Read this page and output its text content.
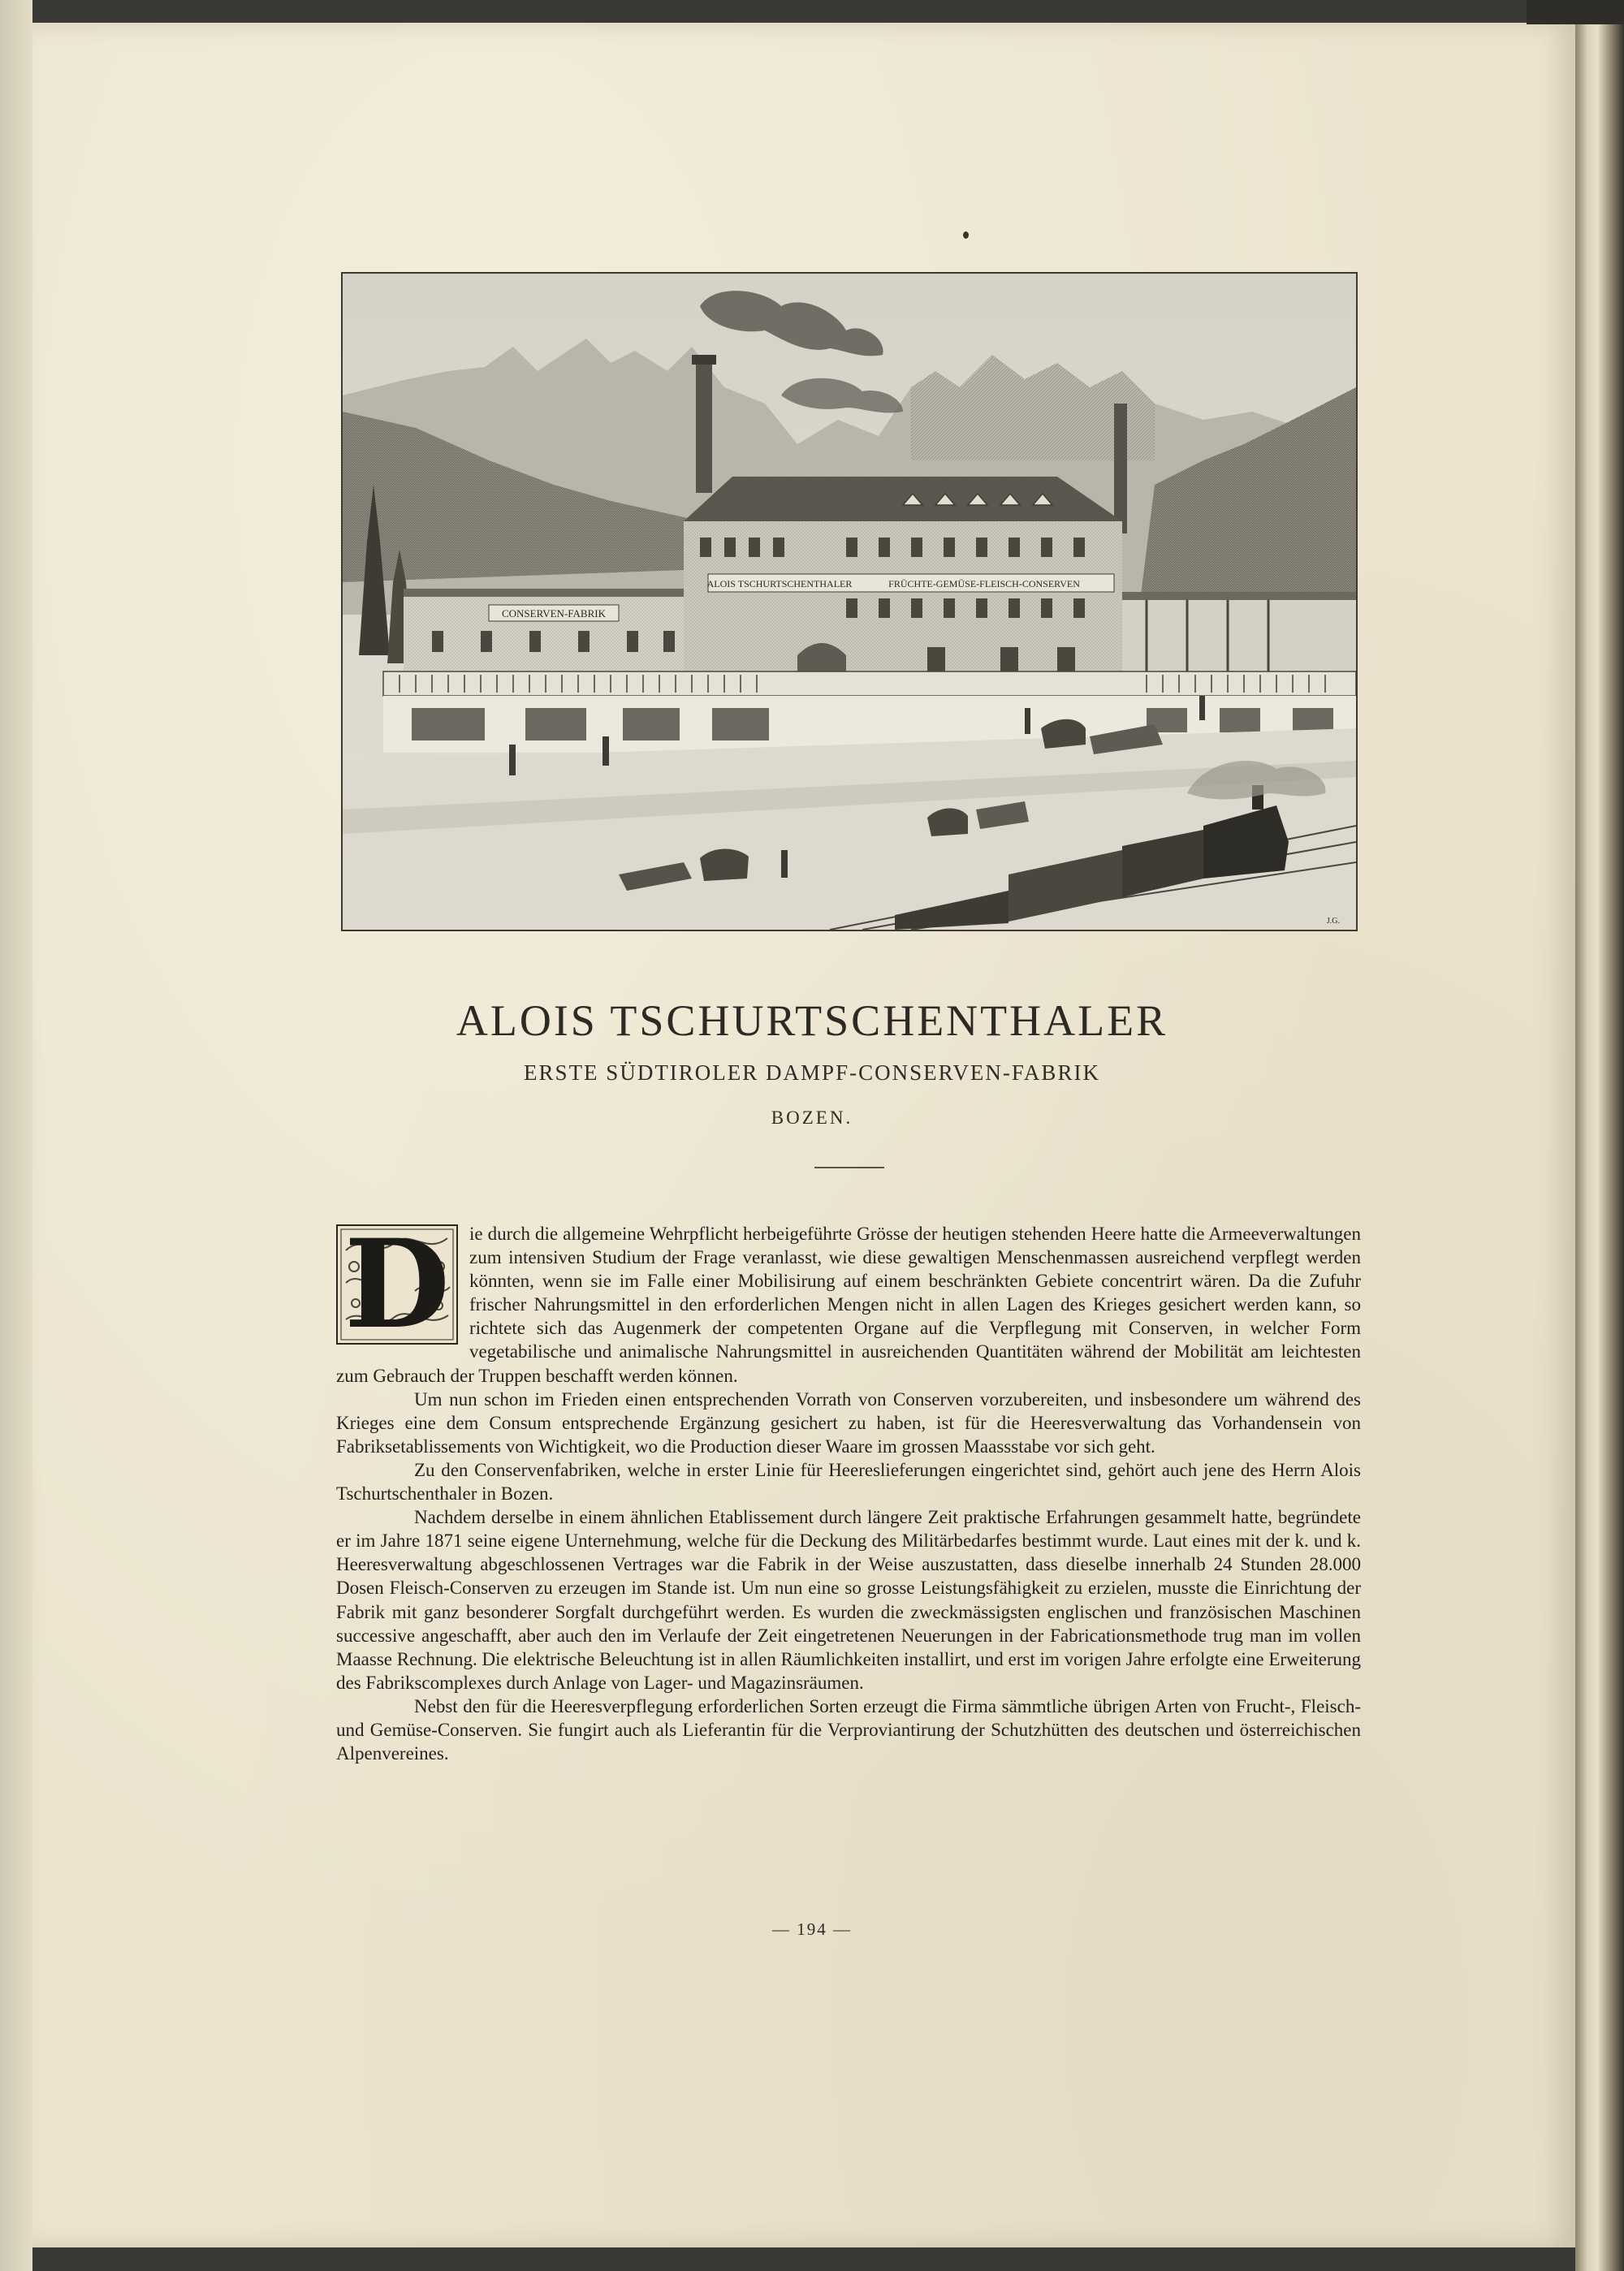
CONSERVEN-FABRIK
ALOIS TSCHURTSCHENTHALER	FRÜCHTE-GEMÜSE-FLEISCH-CONSERVEN
J.G.
ALOIS TSCHURTSCHENTHALER
ERSTE SÜDTIROLER DAMPF-CONSERVEN-FABRIK
BOZEN.
D	ie durch die allgemeine Wehrpflicht herbeigeführte Grösse der heutigen stehenden Heere hatte die Armeeverwaltungen zum intensiven Studium der Frage veranlasst, wie diese gewaltigen Menschenmassen ausreichend verpflegt werden könnten, wenn sie im Falle einer Mobilisirung auf einem beschränkten Gebiete concentrirt wären. Da die Zufuhr frischer Nahrungsmittel in den erforderlichen Mengen nicht in allen Lagen des Krieges gesichert werden kann, so richtete sich das Augenmerk der competenten Organe auf die Verpflegung mit Conserven, in welcher Form vegetabilische und animalische Nahrungsmittel in ausreichenden Quantitäten während der Mobilität am leichtesten zum Gebrauch der Truppen beschafft werden können.

Um nun schon im Frieden einen entsprechenden Vorrath von Conserven vorzubereiten, und insbesondere um während des Krieges eine dem Consum entsprechende Ergänzung gesichert zu haben, ist für die Heeresverwaltung das Vorhandensein von Fabriksetablissements von Wichtigkeit, wo die Production dieser Waare im grossen Maassstabe vor sich geht.

Zu den Conservenfabriken, welche in erster Linie für Heereslieferungen eingerichtet sind, gehört auch jene des Herrn Alois Tschurtschenthaler in Bozen.

Nachdem derselbe in einem ähnlichen Etablissement durch längere Zeit praktische Erfahrungen gesammelt hatte, begründete er im Jahre 1871 seine eigene Unternehmung, welche für die Deckung des Militärbedarfes bestimmt wurde. Laut eines mit der k. und k. Heeresverwaltung abgeschlossenen Vertrages war die Fabrik in der Weise auszustatten, dass dieselbe innerhalb 24 Stunden 28.000 Dosen Fleisch-Conserven zu erzeugen im Stande ist. Um nun eine so grosse Leistungsfähigkeit zu erzielen, musste die Einrichtung der Fabrik mit ganz besonderer Sorgfalt durchgeführt werden. Es wurden die zweckmässigsten englischen und französischen Maschinen successive angeschafft, aber auch den im Verlaufe der Zeit eingetretenen Neuerungen in der Fabricationsmethode trug man im vollen Maasse Rechnung. Die elektrische Beleuchtung ist in allen Räumlichkeiten installirt, und erst im vorigen Jahre erfolgte eine Erweiterung des Fabrikscomplexes durch Anlage von Lager- und Magazinsräumen.

Nebst den für die Heeresverpflegung erforderlichen Sorten erzeugt die Firma sämmtliche übrigen Arten von Frucht-, Fleisch- und Gemüse-Conserven. Sie fungirt auch als Lieferantin für die Verproviantirung der Schutzhütten des deutschen und österreichischen Alpenvereines.

— 194 —
